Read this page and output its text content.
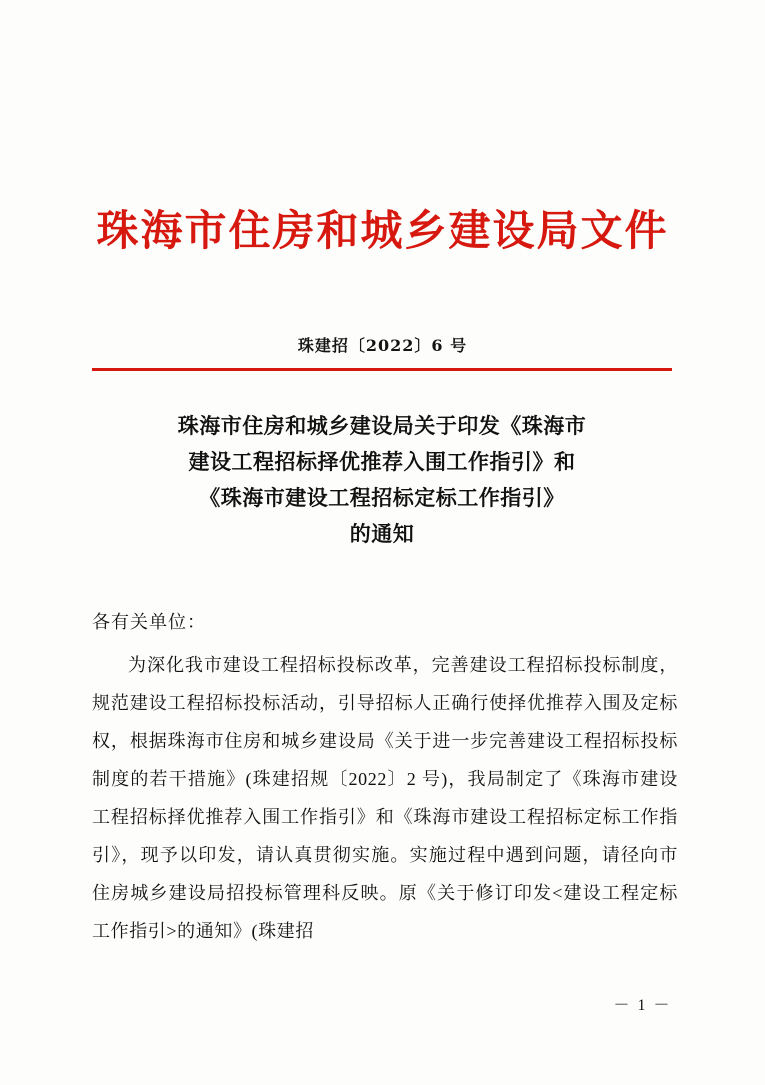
珠海市住房和城乡建设局文件
珠建招〔2022〕6 号
珠海市住房和城乡建设局关于印发《珠海市
建设工程招标择优推荐入围工作指引》和
《珠海市建设工程招标定标工作指引》
的通知
各有关单位：

为深化我市建设工程招标投标改革，完善建设工程招标投标制度，规范建设工程招标投标活动，引导招标人正确行使择优推荐入围及定标权，根据珠海市住房和城乡建设局《关于进一步完善建设工程招标投标制度的若干措施》(珠建招规〔2022〕2 号)，我局制定了《珠海市建设工程招标择优推荐入围工作指引》和《珠海市建设工程招标定标工作指引》，现予以印发，请认真贯彻实施。实施过程中遇到问题，请径向市住房城乡建设局招投标管理科反映。原《关于修订印发<建设工程定标工作指引>的通知》(珠建招

－ 1 －
